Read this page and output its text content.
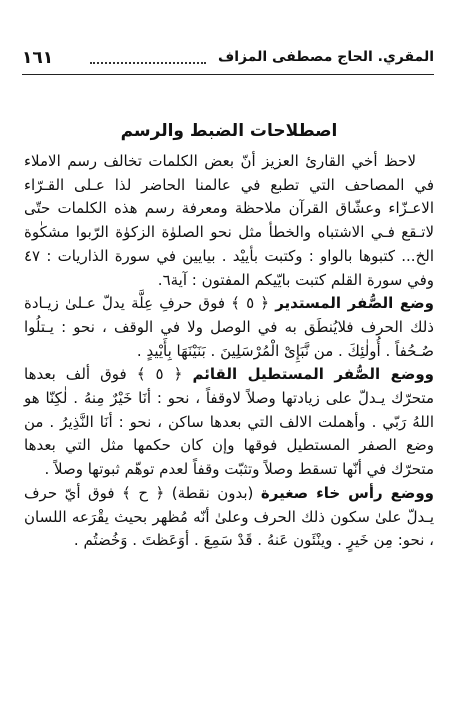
١٦١	المقري. الحاج مصطفى المزاف
اصطلاحات الضبط والرسم

لاحظ أخي القارئ العزيز أنّ بعض الكلمات تخالف رسم الاملاء في المصاحف التي تطبع في عالمنا الحاضر لذا عـلى القـرّاء الاعـزّاء وعشّاق القرآن ملاحظة ومعرفة رسم هذه الكلمات حتّى لاتـقع فـي الاشتباه والخطأ مثل نحو الصلوٰة الزكوٰة الرّبوا مشكٰوة الخ... كتبوها بالواو : وكتبت بأييْد . بيايين في سورة الذاريات : ٤٧ وفي سورة القلم كتبت بايّيكم المفتون : آية٦.

وضع الصُّفر المستدير ﴿ ٥ ﴾ فوق حرفِ عِلَّة يدلّ عـلىٰ زيـادة ذلك الحرف فلايُنطَق به في الوصل ولا في الوقف ، نحو : يـتلُوا صُـحُفاً . أُولٰئِكَ . من نَّبَإِىْ الْمُرْسَلِينَ . بَنَيْنَهَا بِأَيْيدٍ .

ووضع الصُّفر المستطيل القائم ﴿ ٥ ﴾ فوق ألف بعدها متحرّك يـدلّ على زيادتها وصلاً لاوقفاً ، نحو : أنَا خَيْرٌ مِنهُ . لٰكِنّا هو اللهُ رَبّي . وأهملت الالف التي بعدها ساكن ، نحو : أنَا النَّذِيرُ . من وضع الصفر المستطيل فوقها وإن كان حكمها مثل التي بعدها متحرّك في أنّها تسقط وصلاً وتثبّت وقفاً لعدم توهّم ثبوتها وصلاً .

ووضع رأس خاء صغيرة (بدون نقطة) ﴿ ح ﴾ فوق أيّ حرف يـدلّ علىٰ سكون ذلك الحرف وعلىٰ أنّه مُظهر بحيث يقْرَعه اللسان ، نحو: مِن خَيرٍ . وينْئَون عَنهُ . قَدْ سَمِعَ . أوَعَظتَ . وَخُضتُم .
